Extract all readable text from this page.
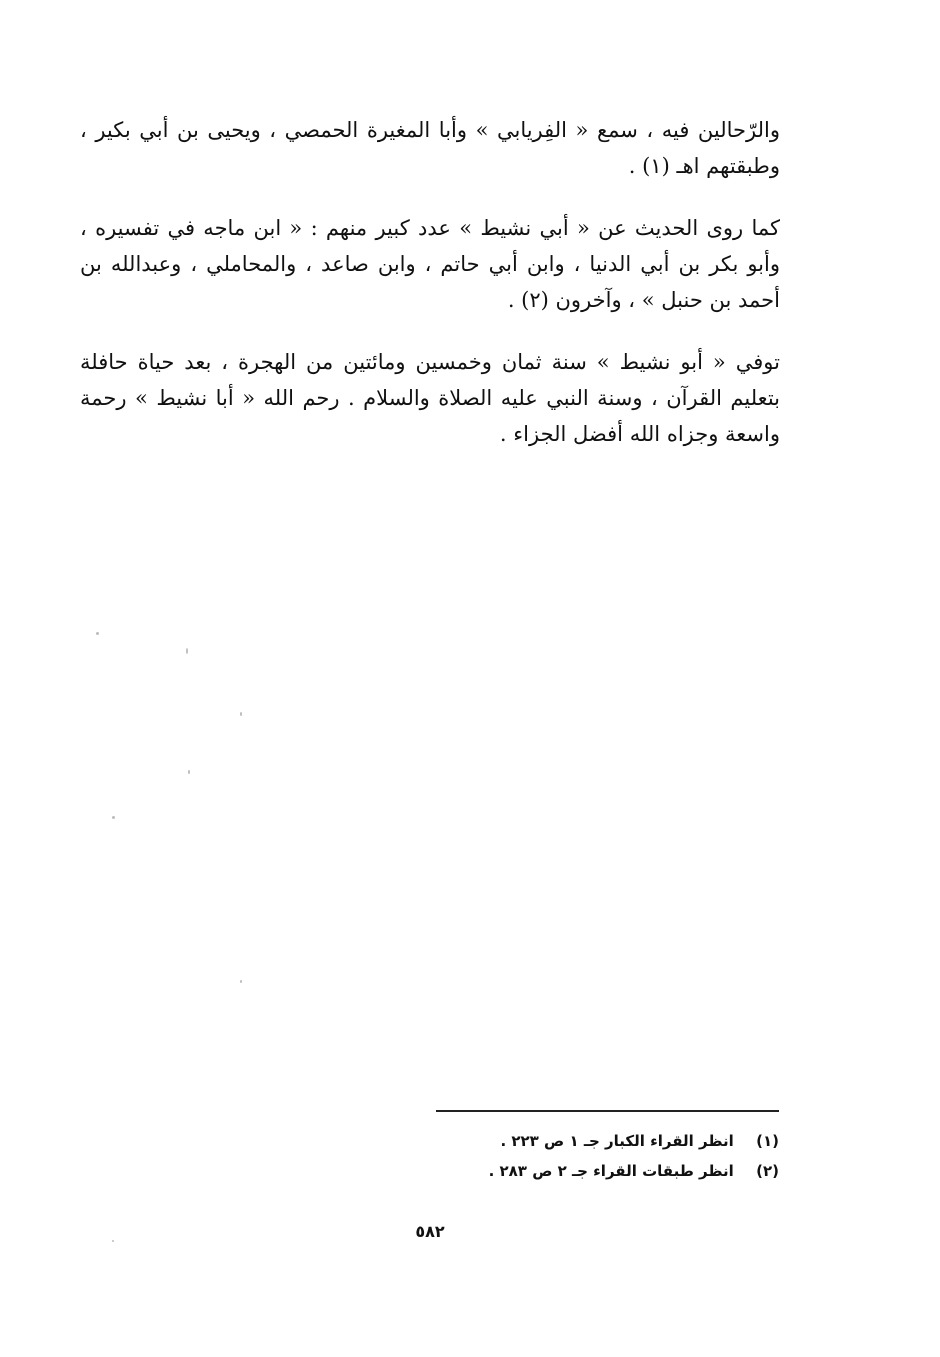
والرّحالين فيه ، سمع « الفِريابي » وأبا المغيرة الحمصي ، ويحيى بن أبي بكير ، وطبقتهم اهـ (١) .

كما روى الحديث عن « أبي نشيط » عدد كبير منهم : « ابن ماجه في تفسيره ، وأبو بكر بن أبي الدنيا ، وابن أبي حاتم ، وابن صاعد ، والمحاملي ، وعبدالله بن أحمد بن حنبل » ، وآخرون (٢) .

توفي « أبو نشيط » سنة ثمان وخمسين ومائتين من الهجرة ، بعد حياة حافلة بتعليم القرآن ، وسنة النبي عليه الصلاة والسلام . رحم الله « أبا نشيط » رحمة واسعة وجزاه الله أفضل الجزاء .

(١) انظر القراء الكبار جـ ١ ص ٢٢٣ .
(٢) انظر طبقات القراء جـ ٢ ص ٢٨٣ .
٥٨٢
